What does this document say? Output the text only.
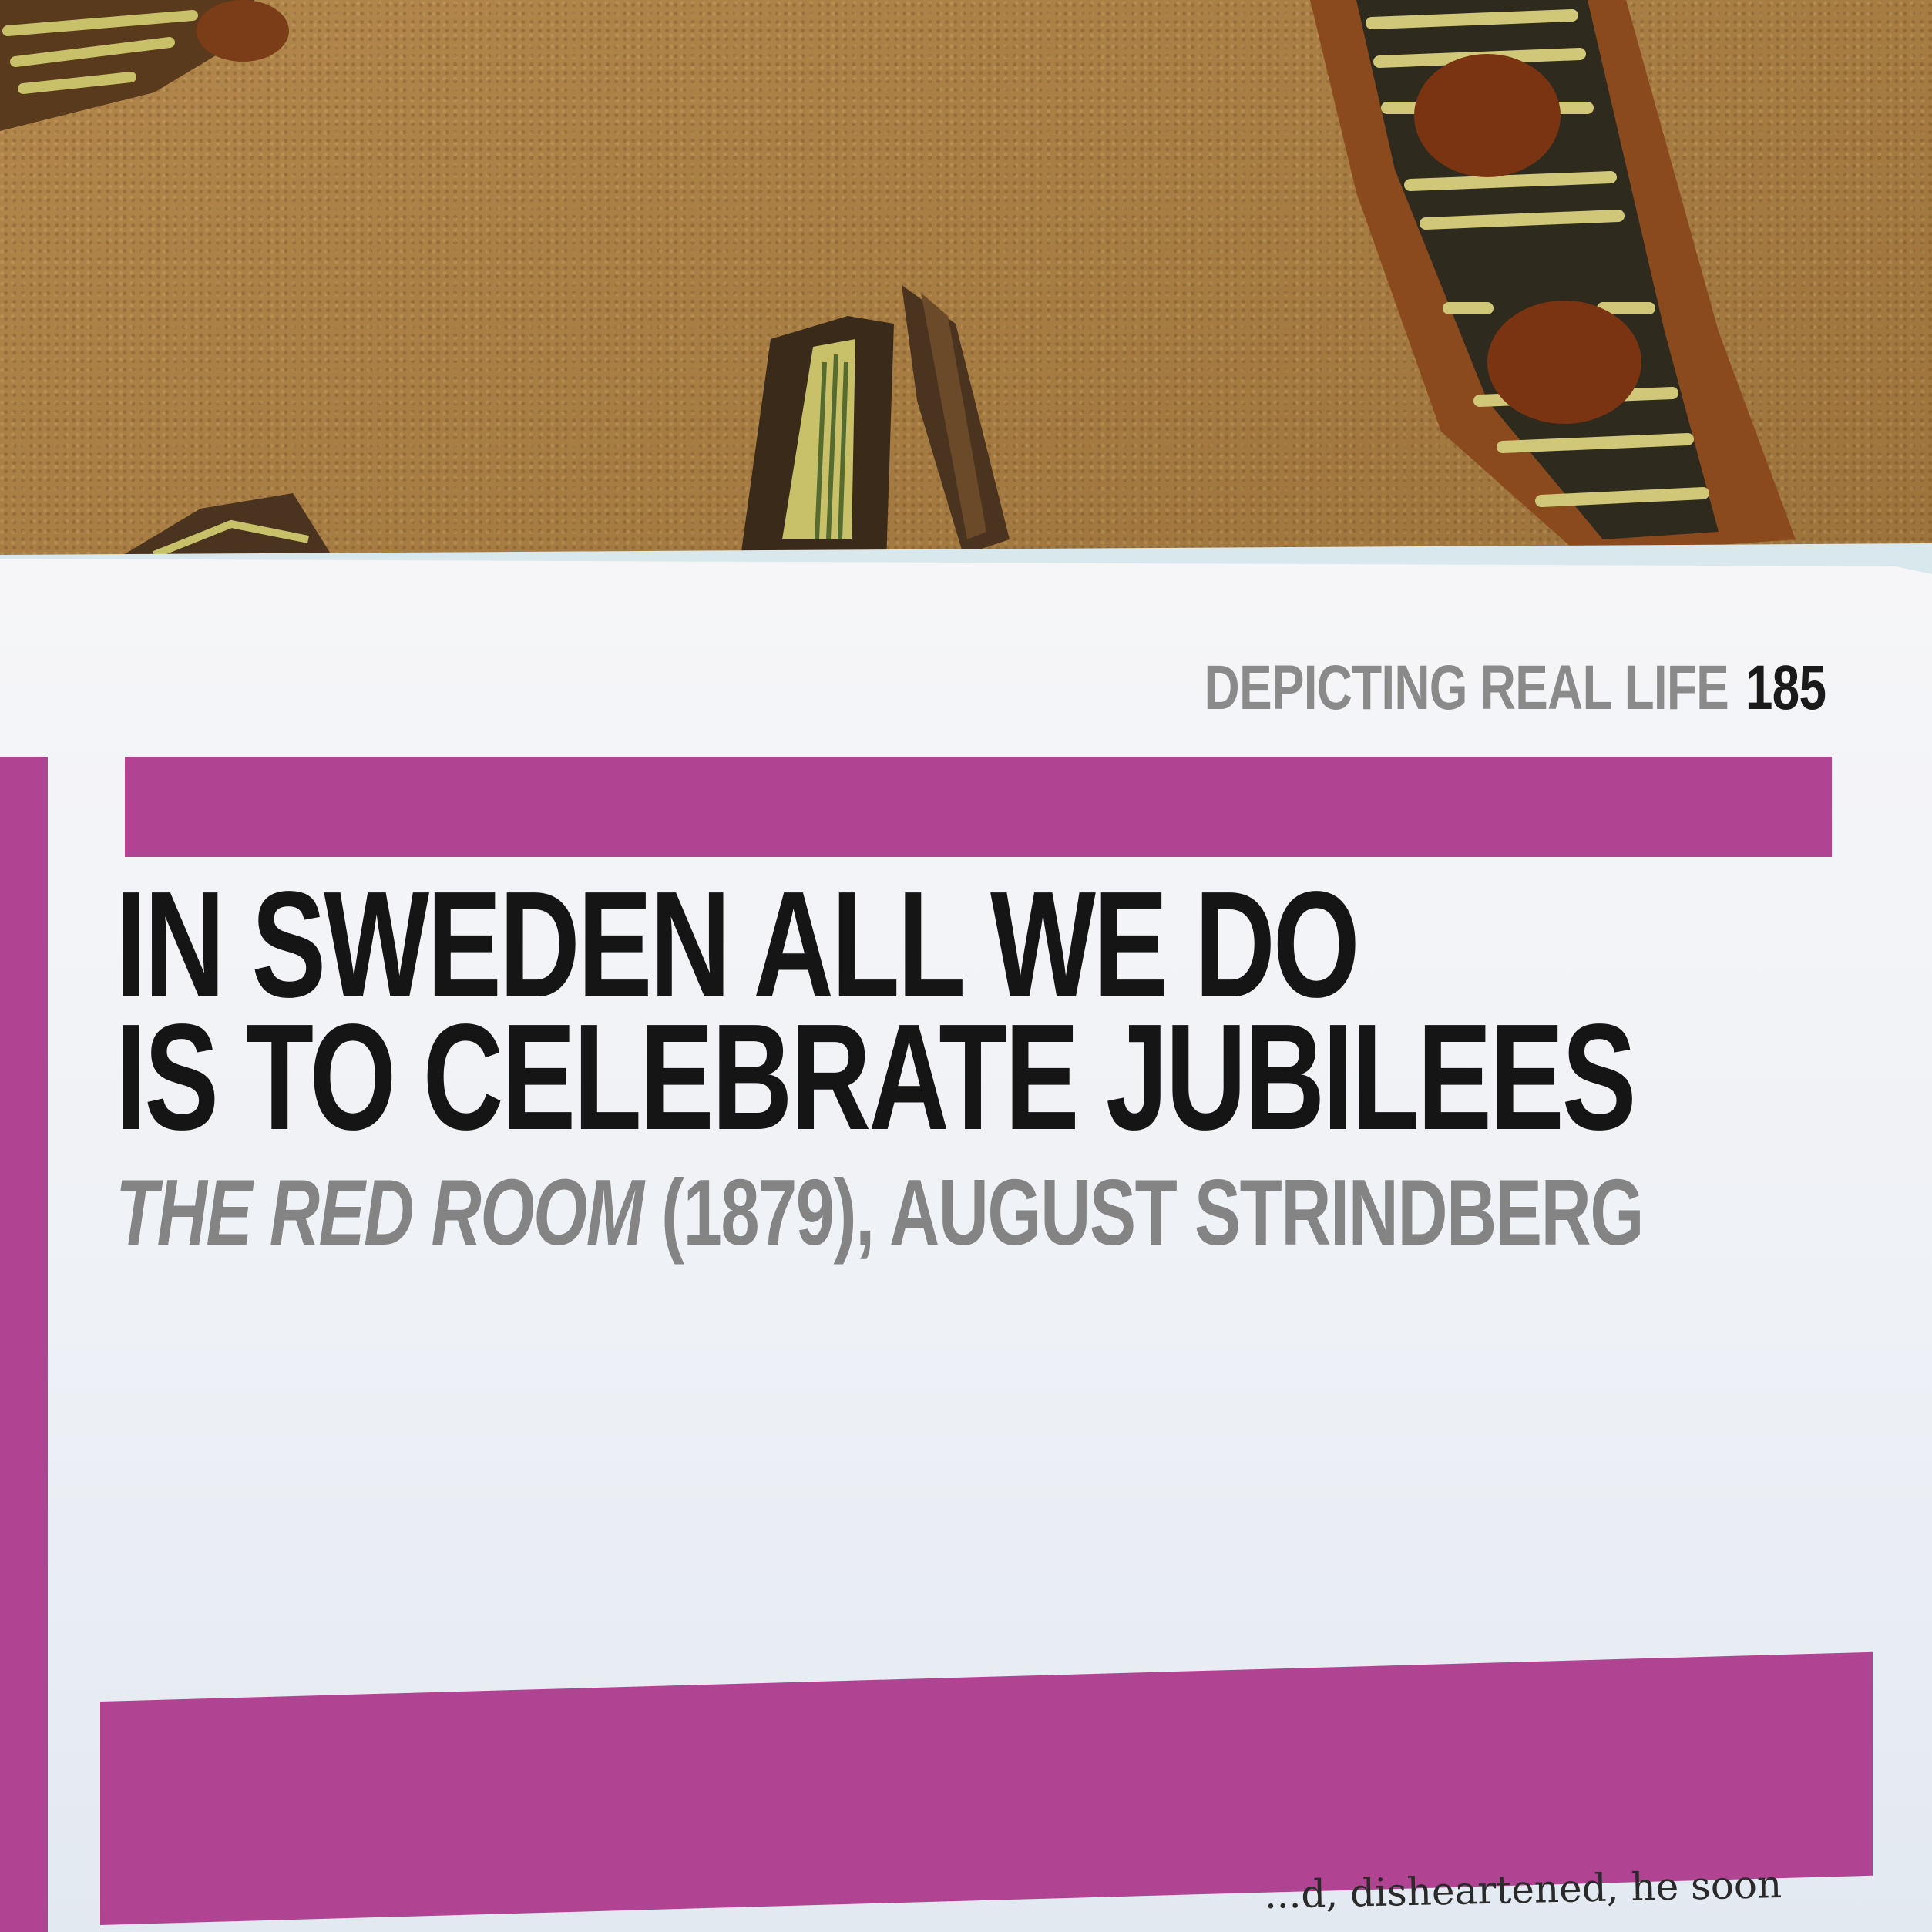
DEPICTING REAL LIFE 185
IN SWEDEN ALL WE DO
IS TO CELEBRATE JUBILEES
THE RED ROOM (1879), AUGUST STRINDBERG
...d, disheartened, he soon
